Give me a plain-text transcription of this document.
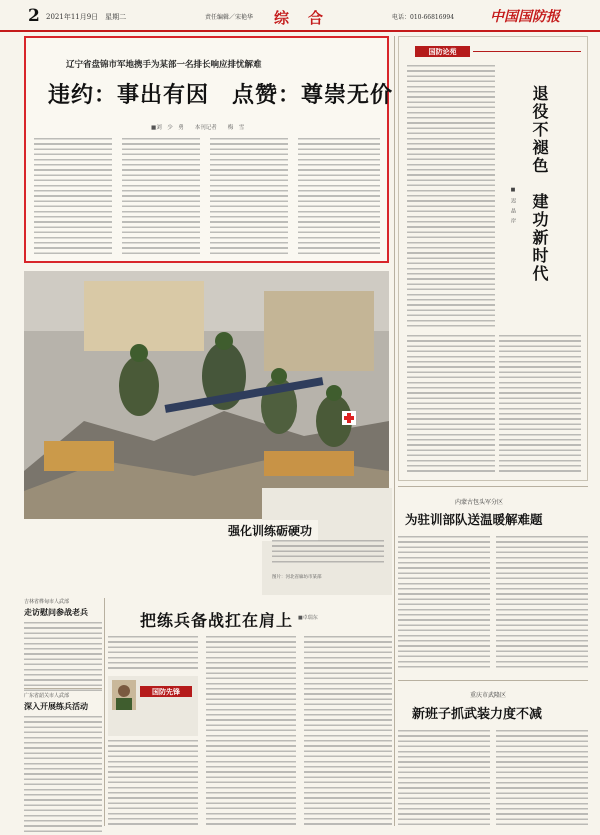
2 2021年11月9日　星期二	责任编辑／宋艳华 综　合	电话：010-66816994	中国国防报
辽宁省盘锦市军地携手为某部一名排长响应排忧解难
违约：事出有因　点赞：尊崇无价
■刘　少　勇　　本刊记者　　梅　雪
国防论苑
退役不褪色　建功新时代
■　迟　晶　岸
强化训练砺硬功
图片：河北省廊坊市某部
吉林省桦甸市人武部
走访慰问参战老兵
广东省韶关市人武部
深入开展练兵活动
把练兵备战扛在肩上 ■卓瑞东
国防先锋
内蒙古包头军分区
为驻训部队送温暖解难题
重庆市武隆区
新班子抓武装力度不减
